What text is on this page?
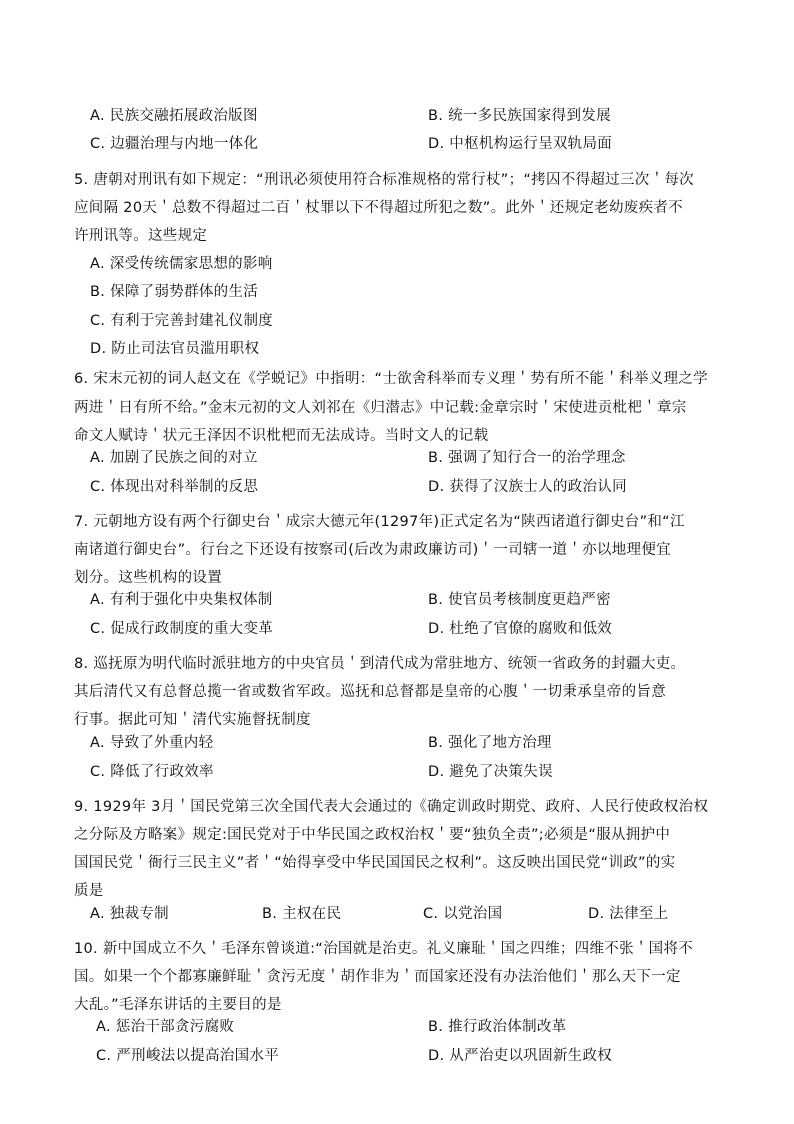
A. 民族交融拓展政治版图	B. 统一多民族国家得到发展
C. 边疆治理与内地一体化	D. 中枢机构运行呈双轨局面
5. 唐朝对刑讯有如下规定：“刑讯必须使用符合标准规格的常行杖”；“拷囚不得超过三次＇每次
应间隔 20天＇总数不得超过二百＇杖罪以下不得超过所犯之数”。此外＇还规定老幼废疾者不
许刑讯等。这些规定
A. 深受传统儒家思想的影响
B. 保障了弱势群体的生活
C. 有利于完善封建礼仪制度
D. 防止司法官员滥用职权
6. 宋末元初的词人赵文在《学蜕记》中指明：“士欲舍科举而专义理＇势有所不能＇科举义理之学
两进＇日有所不给。”金末元初的文人刘祁在《归潜志》中记载:金章宗时＇宋使进贡枇杷＇章宗
命文人赋诗＇状元王泽因不识枇杷而无法成诗。当时文人的记载
A. 加剧了民族之间的对立	B. 强调了知行合一的治学理念
C. 体现出对科举制的反思	D. 获得了汉族士人的政治认同
7. 元朝地方设有两个行御史台＇成宗大德元年(1297年)正式定名为“陕西诸道行御史台”和“江
南诸道行御史台”。行台之下还设有按察司(后改为肃政廉访司)＇一司辖一道＇亦以地理便宜
划分。这些机构的设置
A. 有利于强化中央集权体制	B. 使官员考核制度更趋严密
C. 促成行政制度的重大变革	D. 杜绝了官僚的腐败和低效
8. 巡抚原为明代临时派驻地方的中央官员＇到清代成为常驻地方、统领一省政务的封疆大吏。
其后清代又有总督总揽一省或数省军政。巡抚和总督都是皇帝的心腹＇一切秉承皇帝的旨意
行事。据此可知＇清代实施督抚制度
A. 导致了外重内轻	B. 强化了地方治理
C. 降低了行政效率	D. 避免了决策失误
9. 1929年 3月＇国民党第三次全国代表大会通过的《确定训政时期党、政府、人民行使政权治权
之分际及方略案》规定:国民党对于中华民国之政权治权＇要“独负全责”;必须是“服从拥护中
国国民党＇衙行三民主义”者＇“始得享受中华民国国民之权利”。这反映出国民党“训政”的实
质是
A. 独裁专制	B. 主权在民	C. 以党治国	D. 法律至上
10. 新中国成立不久＇毛泽东曾谈道:“治国就是治吏。礼义廉耻＇国之四维；四维不张＇国将不
国。如果一个个都寡廉鲜耻＇贪污无度＇胡作非为＇而国家还没有办法治他们＇那么天下一定
大乱。”毛泽东讲话的主要目的是
A. 惩治干部贪污腐败	B. 推行政治体制改革
C. 严刑峻法以提高治国水平	D. 从严治吏以巩固新生政权
